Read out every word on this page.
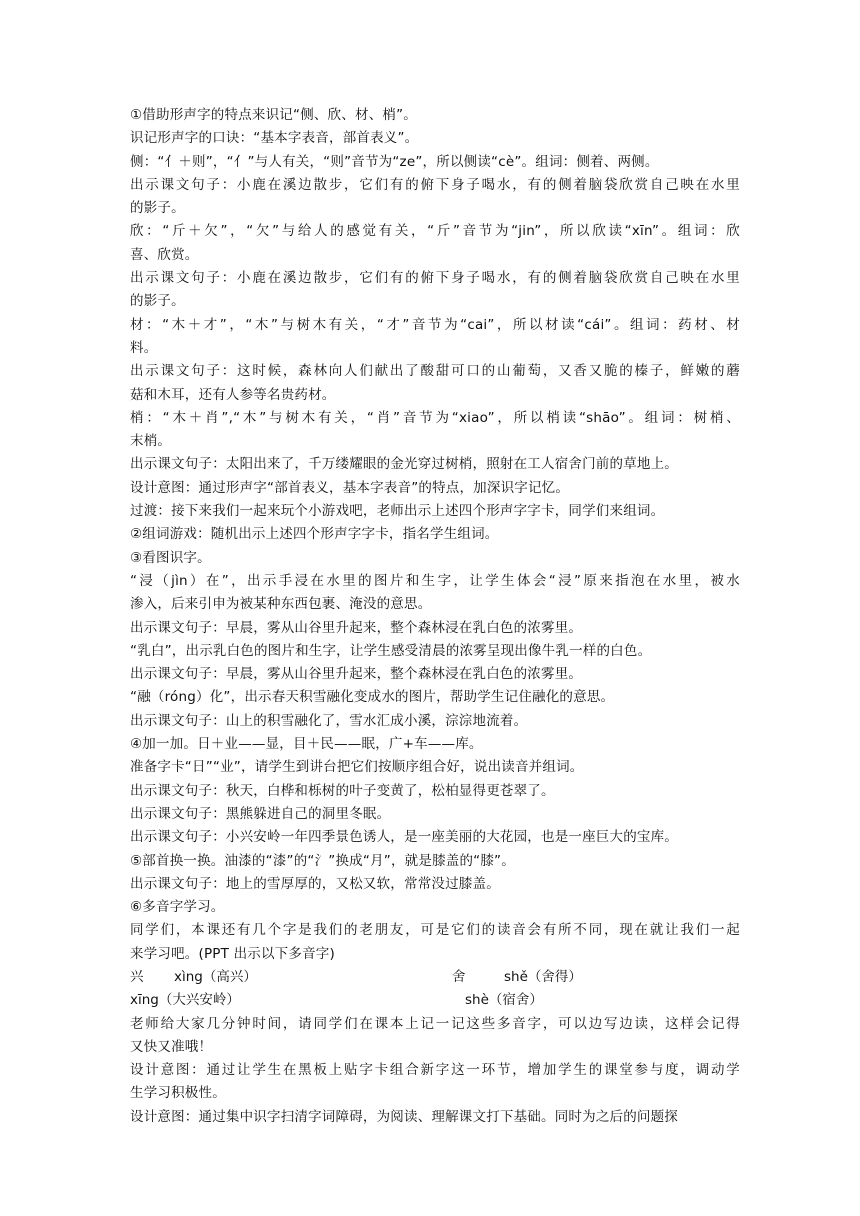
①借助形声字的特点来识记“侧、欣、材、梢”。
识记形声字的口诀：“基本字表音，部首表义”。
侧：“亻＋则”，“亻”与人有关，“则”音节为“ze”，所以侧读“cè”。组词：侧着、两侧。
出示课文句子：小鹿在溪边散步，它们有的俯下身子喝水，有的侧着脑袋欣赏自己映在水里
的影子。
欣：“斤＋欠”，“欠”与给人的感觉有关，“斤”音节为“jin”，所以欣读“xīn”。组词：欣
喜、欣赏。
出示课文句子：小鹿在溪边散步，它们有的俯下身子喝水，有的侧着脑袋欣赏自己映在水里
的影子。
材：“木＋才”，“木”与树木有关，“才”音节为“cai”，所以材读“cái”。组词：药材、材
料。
出示课文句子：这时候，森林向人们献出了酸甜可口的山葡萄，又香又脆的榛子，鲜嫩的蘑
菇和木耳，还有人参等名贵药材。
梢：“木＋肖”,“木”与树木有关，“肖”音节为“xiao”，所以梢读“shāo”。组词：树梢、
末梢。
出示课文句子：太阳出来了，千万缕耀眼的金光穿过树梢，照射在工人宿舍门前的草地上。
设计意图：通过形声字“部首表义，基本字表音”的特点，加深识字记忆。
过渡：接下来我们一起来玩个小游戏吧，老师出示上述四个形声字字卡，同学们来组词。
②组词游戏：随机出示上述四个形声字字卡，指名学生组词。
③看图识字。
“浸（jìn）在”，出示手浸在水里的图片和生字，让学生体会“浸”原来指泡在水里，被水
渗入，后来引申为被某种东西包裹、淹没的意思。
出示课文句子：早晨，雾从山谷里升起来，整个森林浸在乳白色的浓雾里。
“乳白”，出示乳白色的图片和生字，让学生感受清晨的浓雾呈现出像牛乳一样的白色。
出示课文句子：早晨，雾从山谷里升起来，整个森林浸在乳白色的浓雾里。
“融（róng）化”，出示春天积雪融化变成水的图片，帮助学生记住融化的意思。
出示课文句子：山上的积雪融化了，雪水汇成小溪，淙淙地流着。
④加一加。日＋业——显，目＋民——眠，广+车——库。
准备字卡“日”“业”，请学生到讲台把它们按顺序组合好，说出读音并组词。
出示课文句子：秋天，白桦和栎树的叶子变黄了，松柏显得更苍翠了。
出示课文句子：黑熊躲进自己的洞里冬眠。
出示课文句子：小兴安岭一年四季景色诱人，是一座美丽的大花园，也是一座巨大的宝库。
⑤部首换一换。油漆的“漆”的“氵”换成“月”，就是膝盖的“膝”。
出示课文句子：地上的雪厚厚的，又松又软，常常没过膝盖。
⑥多音字学习。
同学们，本课还有几个字是我们的老朋友，可是它们的读音会有所不同，现在就让我们一起
来学习吧。(PPT 出示以下多音字)
兴 xìng（高兴）	舍	shě（舍得）
xīng（大兴安岭）	shè（宿舍）
老师给大家几分钟时间，请同学们在课本上记一记这些多音字，可以边写边读，这样会记得
又快又准哦！
设计意图：通过让学生在黑板上贴字卡组合新字这一环节，增加学生的课堂参与度，调动学
生学习积极性。
设计意图：通过集中识字扫清字词障碍，为阅读、理解课文打下基础。同时为之后的问题探
